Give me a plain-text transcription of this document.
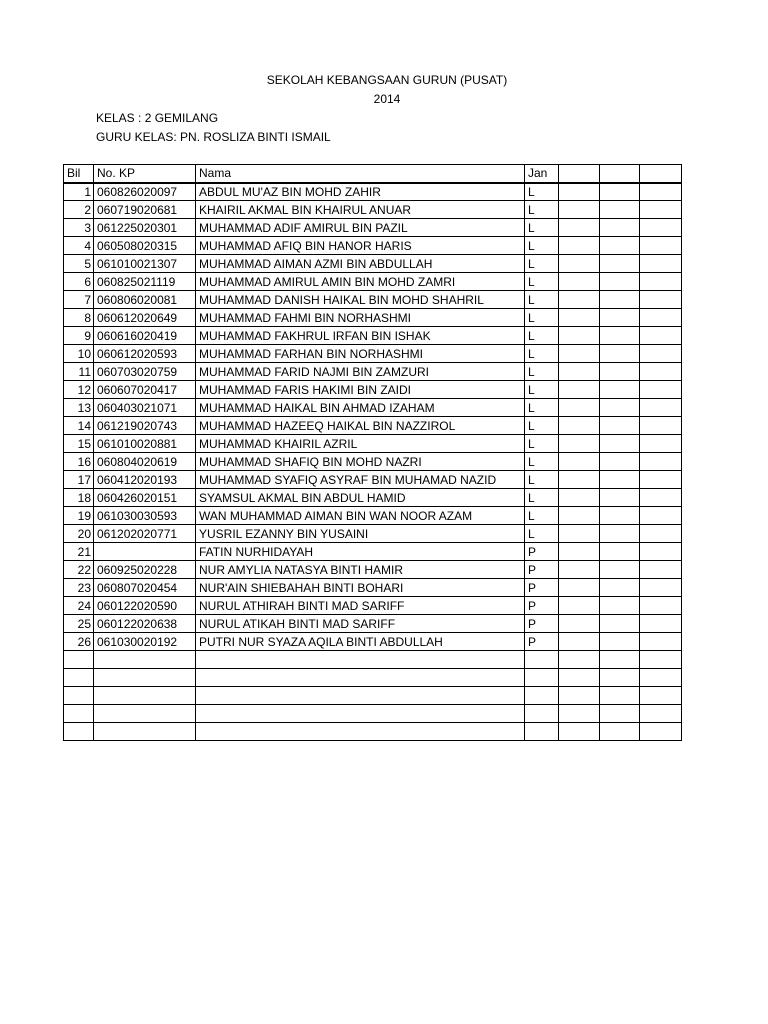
SEKOLAH KEBANGSAAN GURUN (PUSAT)
2014
KELAS : 2 GEMILANG
GURU KELAS: PN. ROSLIZA BINTI ISMAIL
Bil	No. KP	Nama	Jan			
1	060826020097	ABDUL MU'AZ BIN MOHD ZAHIR	L			
2	060719020681	KHAIRIL AKMAL BIN KHAIRUL ANUAR	L			
3	061225020301	MUHAMMAD ADIF AMIRUL BIN PAZIL	L			
4	060508020315	MUHAMMAD AFIQ BIN HANOR HARIS	L			
5	061010021307	MUHAMMAD AIMAN AZMI BIN ABDULLAH	L			
6	060825021119	MUHAMMAD AMIRUL AMIN BIN MOHD ZAMRI	L			
7	060806020081	MUHAMMAD DANISH HAIKAL BIN MOHD SHAHRIL	L			
8	060612020649	MUHAMMAD FAHMI BIN NORHASHMI	L			
9	060616020419	MUHAMMAD FAKHRUL IRFAN BIN ISHAK	L			
10	060612020593	MUHAMMAD FARHAN BIN NORHASHMI	L			
11	060703020759	MUHAMMAD FARID NAJMI BIN ZAMZURI	L			
12	060607020417	MUHAMMAD FARIS HAKIMI BIN ZAIDI	L			
13	060403021071	MUHAMMAD HAIKAL BIN AHMAD IZAHAM	L			
14	061219020743	MUHAMMAD HAZEEQ HAIKAL BIN NAZZIROL	L			
15	061010020881	MUHAMMAD KHAIRIL AZRIL	L			
16	060804020619	MUHAMMAD SHAFIQ BIN MOHD NAZRI	L			
17	060412020193	MUHAMMAD SYAFIQ ASYRAF BIN MUHAMAD NAZID	L			
18	060426020151	SYAMSUL AKMAL BIN ABDUL HAMID	L			
19	061030030593	WAN MUHAMMAD AIMAN BIN WAN NOOR AZAM	L			
20	061202020771	YUSRIL EZANNY BIN YUSAINI	L			
21		FATIN NURHIDAYAH	P			
22	060925020228	NUR AMYLIA NATASYA BINTI HAMIR	P			
23	060807020454	NUR'AIN SHIEBAHAH BINTI BOHARI	P			
24	060122020590	NURUL ATHIRAH BINTI MAD SARIFF	P			
25	060122020638	NURUL ATIKAH BINTI MAD SARIFF	P			
26	061030020192	PUTRI NUR SYAZA AQILA BINTI ABDULLAH	P			
